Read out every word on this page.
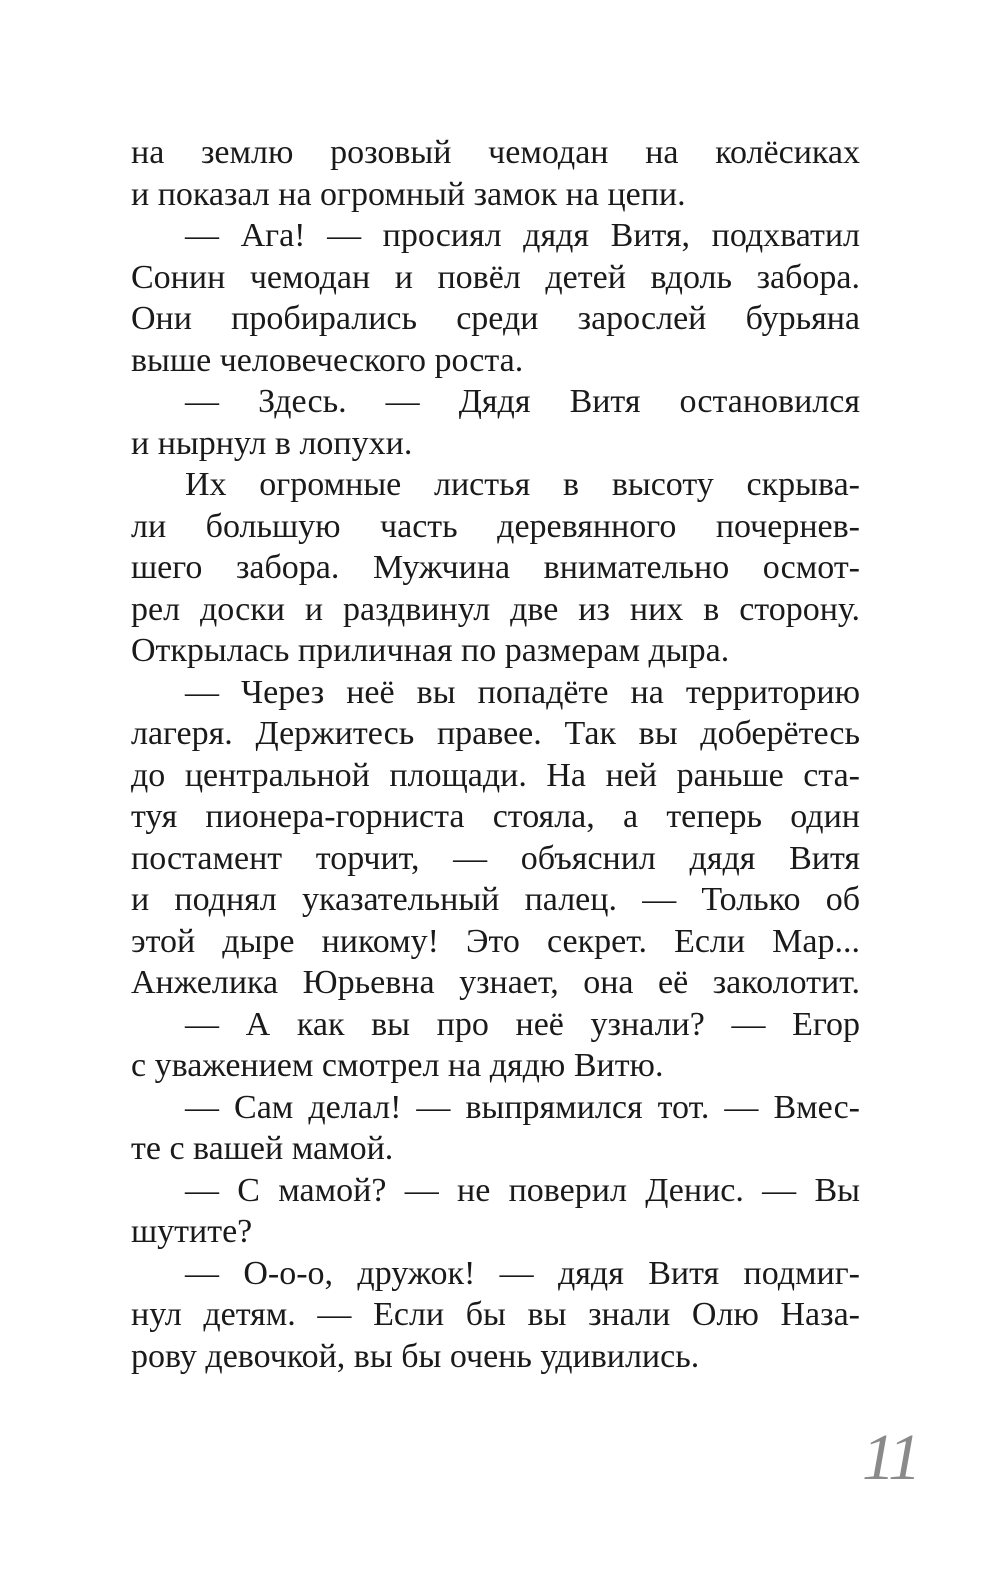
на землю розовый чемодан на колёсиках
и показал на огромный замок на цепи.
— Ага! — просиял дядя Витя, подхватил
Сонин чемодан и повёл детей вдоль забора.
Они пробирались среди зарослей бурьяна
выше человеческого роста.
— Здесь. — Дядя Витя остановился
и нырнул в лопухи.
Их огромные листья в высоту скрыва-
ли большую часть деревянного почернев-
шего забора. Мужчина внимательно осмот-
рел доски и раздвинул две из них в сторону.
Открылась приличная по размерам дыра.
— Через неё вы попадёте на территорию
лагеря. Держитесь правее. Так вы доберётесь
до центральной площади. На ней раньше ста-
туя пионера-горниста стояла, а теперь один
постамент торчит, — объяснил дядя Витя
и поднял указательный палец. — Только об
этой дыре никому! Это секрет. Если Мар...
Анжелика Юрьевна узнает, она её заколотит.
— А как вы про неё узнали? — Егор
с уважением смотрел на дядю Витю.
— Сам делал! — выпрямился тот. — Вмес-
те с вашей мамой.
— С мамой? — не поверил Денис. — Вы
шутите?
— О-о-о, дружок! — дядя Витя подмиг-
нул детям. — Если бы вы знали Олю Наза-
рову девочкой, вы бы очень удивились.
11
